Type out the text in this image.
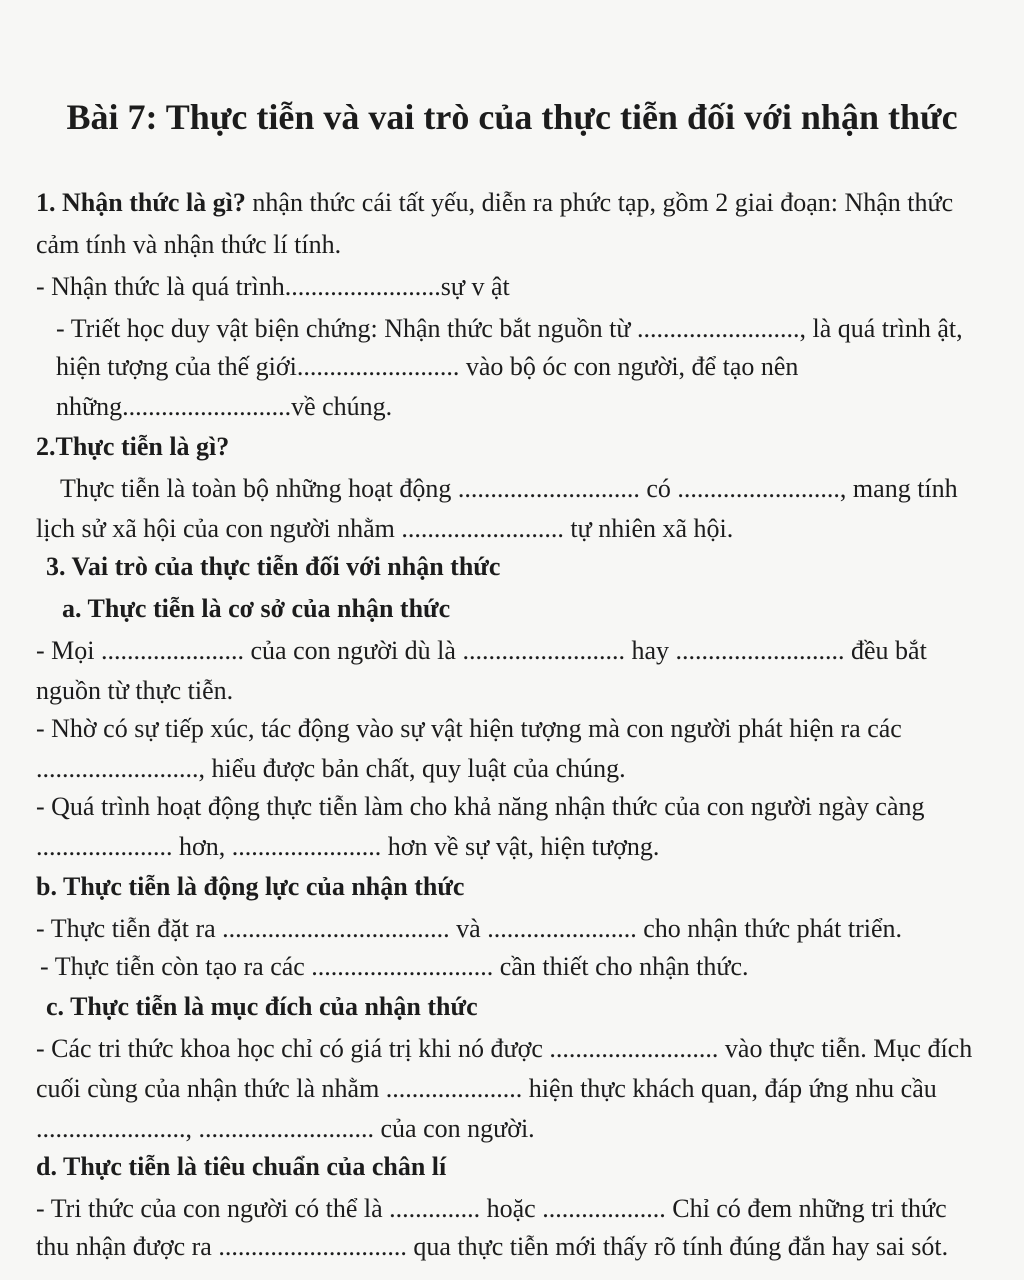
Bài 7: Thực tiễn và vai trò của thực tiễn đối với nhận thức
1. Nhận thức là gì? nhận thức cái tất yếu, diễn ra phức tạp, gồm 2 giai đoạn: Nhận thức
cảm tính và nhận thức lí tính.
- Nhận thức là quá trình........................sự v ật
- Triết học duy vật biện chứng: Nhận thức bắt nguồn từ ........................., là quá trình ật,
hiện tượng của thế giới......................... vào bộ óc con người, để tạo nên
những..........................về chúng.
2.Thực tiễn là gì?
Thực tiễn là toàn bộ những hoạt động ............................ có ........................., mang tính
lịch sử xã hội của con người nhằm ......................... tự nhiên xã hội.
3. Vai trò của thực tiễn đối với nhận thức
a. Thực tiễn là cơ sở của nhận thức
- Mọi ...................... của con người dù là ......................... hay .......................... đều bắt
nguồn từ thực tiễn.
- Nhờ có sự tiếp xúc, tác động vào sự vật hiện tượng mà con người phát hiện ra các
........................., hiểu được bản chất, quy luật của chúng.
- Quá trình hoạt động thực tiễn làm cho khả năng nhận thức của con người ngày càng
..................... hơn, ....................... hơn về sự vật, hiện tượng.
b. Thực tiễn là động lực của nhận thức
- Thực tiễn đặt ra ................................... và ....................... cho nhận thức phát triển.
- Thực tiễn còn tạo ra các ............................ cần thiết cho nhận thức.
c. Thực tiễn là mục đích của nhận thức
- Các tri thức khoa học chỉ có giá trị khi nó được .......................... vào thực tiễn. Mục đích
cuối cùng của nhận thức là nhằm ..................... hiện thực khách quan, đáp ứng nhu cầu
......................., ........................... của con người.
d. Thực tiễn là tiêu chuẩn của chân lí
- Tri thức của con người có thể là .............. hoặc ................... Chỉ có đem những tri thức
thu nhận được ra ............................. qua thực tiễn mới thấy rõ tính đúng đắn hay sai sót.
